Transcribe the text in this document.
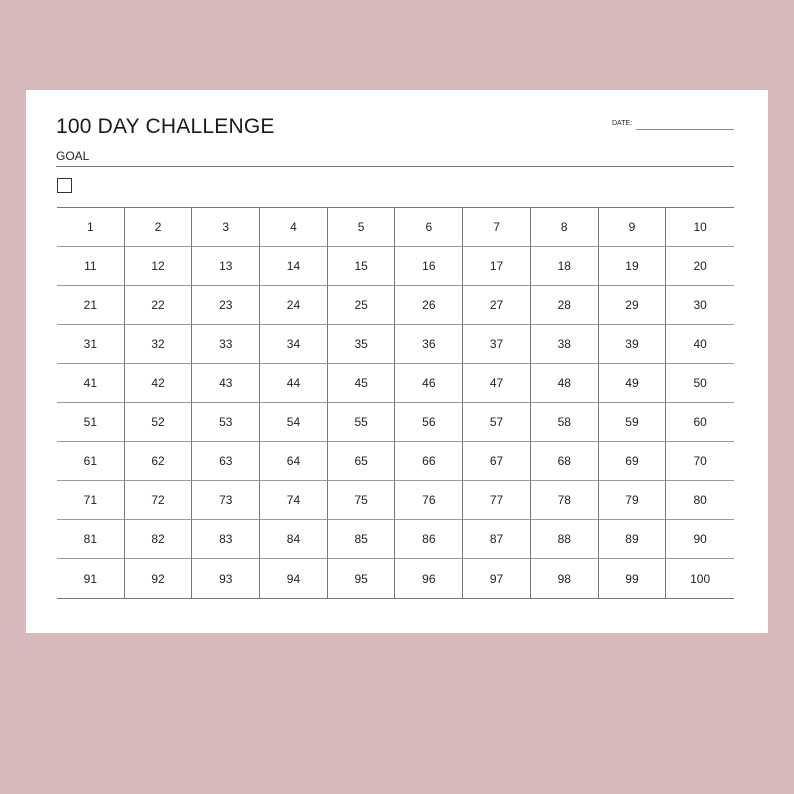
100 DAY CHALLENGE	DATE:
GOAL
1	2	3	4	5	6	7	8	9	10
11	12	13	14	15	16	17	18	19	20
21	22	23	24	25	26	27	28	29	30
31	32	33	34	35	36	37	38	39	40
41	42	43	44	45	46	47	48	49	50
51	52	53	54	55	56	57	58	59	60
61	62	63	64	65	66	67	68	69	70
71	72	73	74	75	76	77	78	79	80
81	82	83	84	85	86	87	88	89	90
91	92	93	94	95	96	97	98	99	100
